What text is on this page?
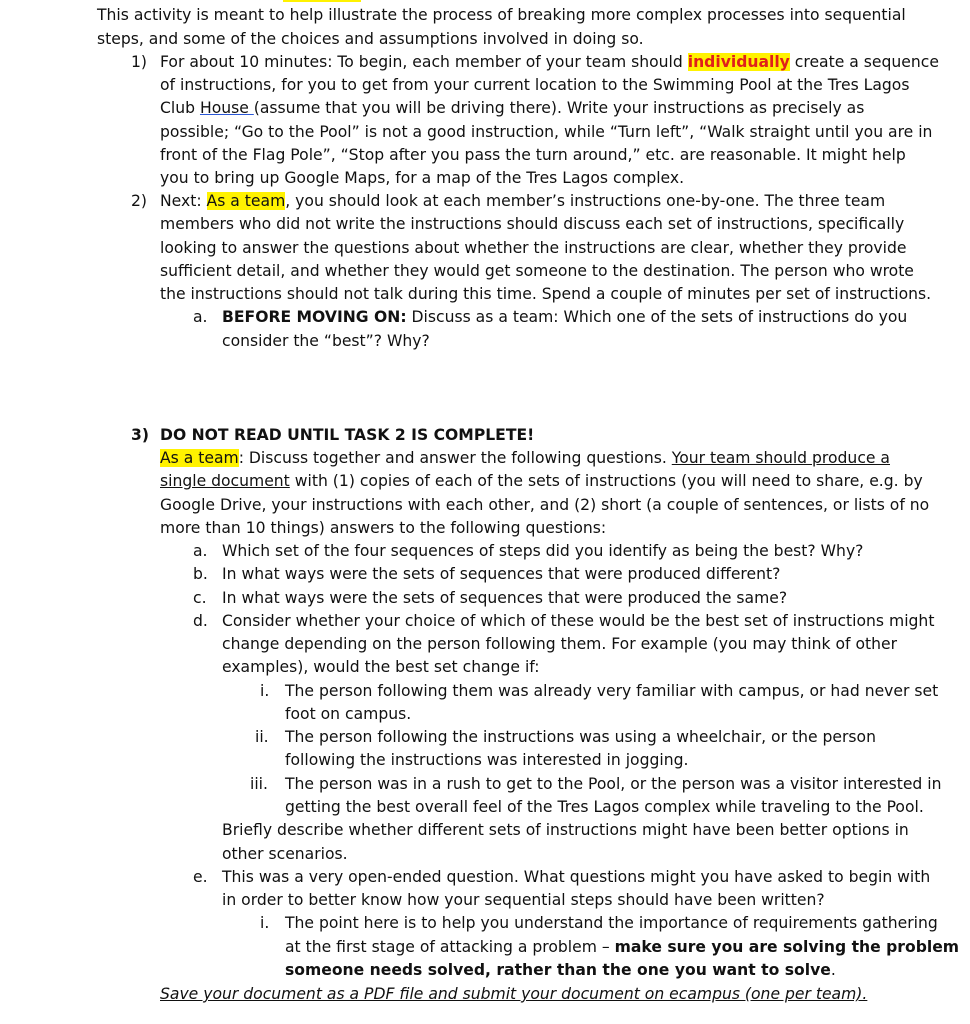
This activity is meant to help illustrate the process of breaking more complex processes into sequential
steps, and some of the choices and assumptions involved in doing so.
1) For about 10 minutes: To begin, each member of your team should individually create a sequence
of instructions, for you to get from your current location to the Swimming Pool at the Tres Lagos
Club House (assume that you will be driving there). Write your instructions as precisely as
possible; “Go to the Pool” is not a good instruction, while “Turn left”, “Walk straight until you are in
front of the Flag Pole”, “Stop after you pass the turn around,” etc. are reasonable. It might help
you to bring up Google Maps, for a map of the Tres Lagos complex.
2) Next: As a team, you should look at each member’s instructions one-by-one. The three team
members who did not write the instructions should discuss each set of instructions, specifically
looking to answer the questions about whether the instructions are clear, whether they provide
sufficient detail, and whether they would get someone to the destination. The person who wrote
the instructions should not talk during this time. Spend a couple of minutes per set of instructions.
a. BEFORE MOVING ON: Discuss as a team: Which one of the sets of instructions do you
consider the “best”? Why?
3) DO NOT READ UNTIL TASK 2 IS COMPLETE!
As a team: Discuss together and answer the following questions. Your team should produce a
single document with (1) copies of each of the sets of instructions (you will need to share, e.g. by
Google Drive, your instructions with each other, and (2) short (a couple of sentences, or lists of no
more than 10 things) answers to the following questions:
a. Which set of the four sequences of steps did you identify as being the best? Why?
b. In what ways were the sets of sequences that were produced different?
c. In what ways were the sets of sequences that were produced the same?
d. Consider whether your choice of which of these would be the best set of instructions might
change depending on the person following them. For example (you may think of other
examples), would the best set change if:
i. The person following them was already very familiar with campus, or had never set
foot on campus.
ii. The person following the instructions was using a wheelchair, or the person
following the instructions was interested in jogging.
iii. The person was in a rush to get to the Pool, or the person was a visitor interested in
getting the best overall feel of the Tres Lagos complex while traveling to the Pool.
Briefly describe whether different sets of instructions might have been better options in
other scenarios.
e. This was a very open-ended question. What questions might you have asked to begin with
in order to better know how your sequential steps should have been written?
i. The point here is to help you understand the importance of requirements gathering
at the first stage of attacking a problem – make sure you are solving the problem
someone needs solved, rather than the one you want to solve.
Save your document as a PDF file and submit your document on ecampus (one per team).
